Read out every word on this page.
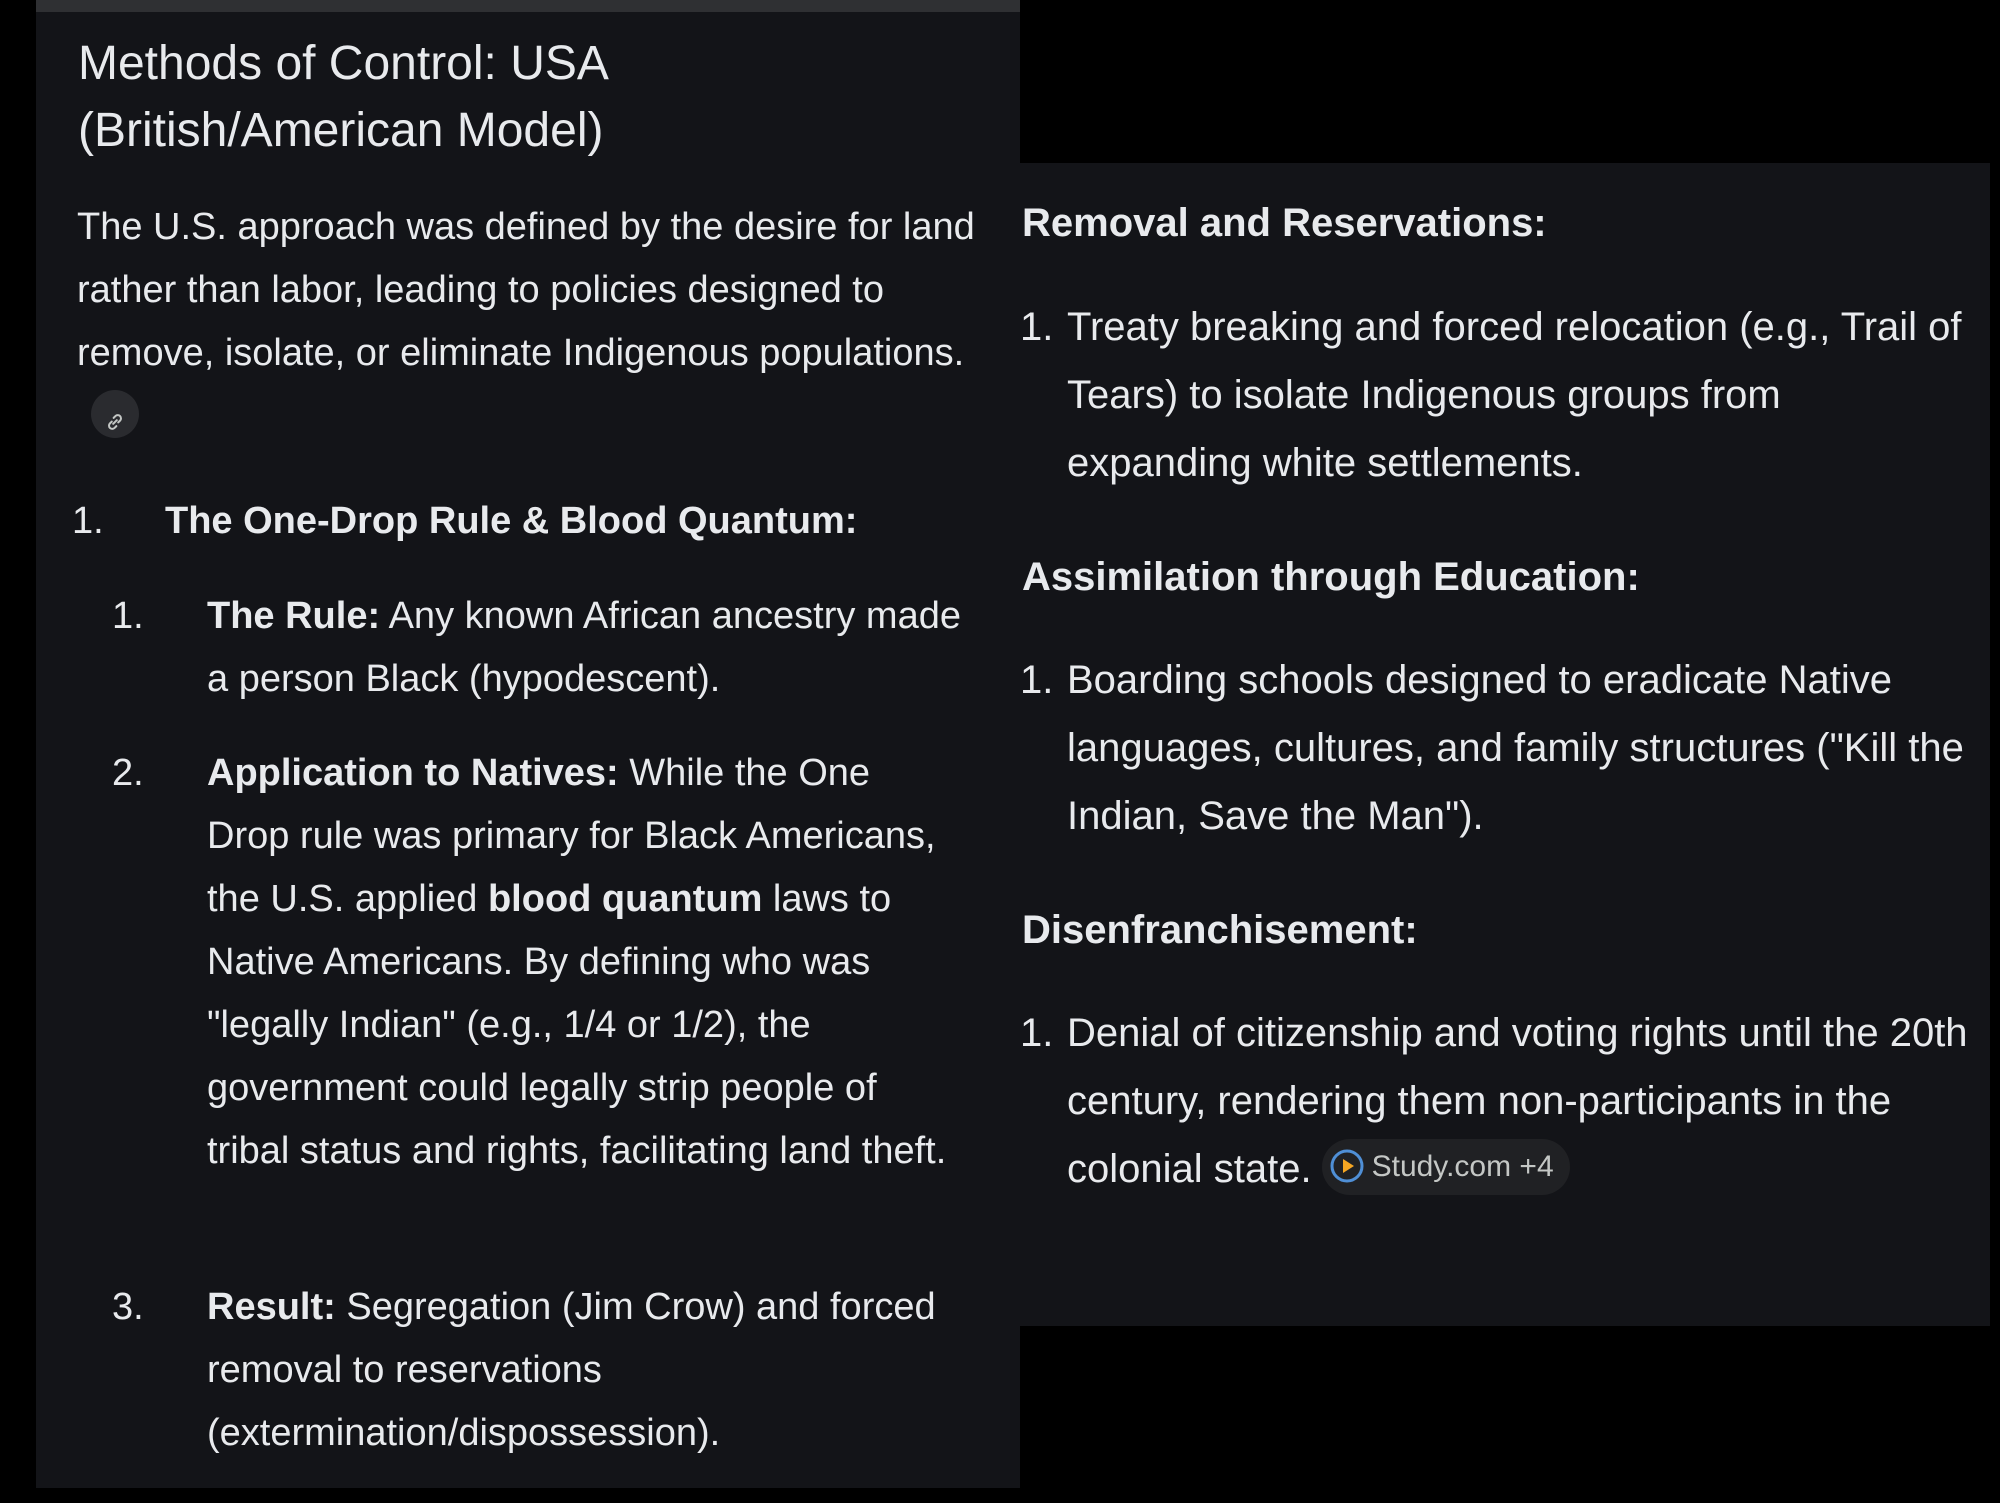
Methods of Control: USA
(British/American Model)

The U.S. approach was defined by the desire for land rather than labor, leading to policies designed to remove, isolate, or eliminate Indigenous populations.

1.	The One-Drop Rule & Blood Quantum:
1.	The Rule: Any known African ancestry made a person Black (hypodescent).
2.	Application to Natives: While the One Drop rule was primary for Black Americans, the U.S. applied blood quantum laws to Native Americans. By defining who was "legally Indian" (e.g., 1/4 or 1/2), the government could legally strip people of tribal status and rights, facilitating land theft.
3.	Result: Segregation (Jim Crow) and forced removal to reservations (extermination/dispossession).
Removal and Reservations:
1. Treaty breaking and forced relocation (e.g., Trail of Tears) to isolate Indigenous groups from expanding white settlements.
Assimilation through Education:
1. Boarding schools designed to eradicate Native languages, cultures, and family structures ("Kill the Indian, Save the Man").
Disenfranchisement:
1. Denial of citizenship and voting rights until the 20th century, rendering them non-participants in the colonial state. Study.com +4
